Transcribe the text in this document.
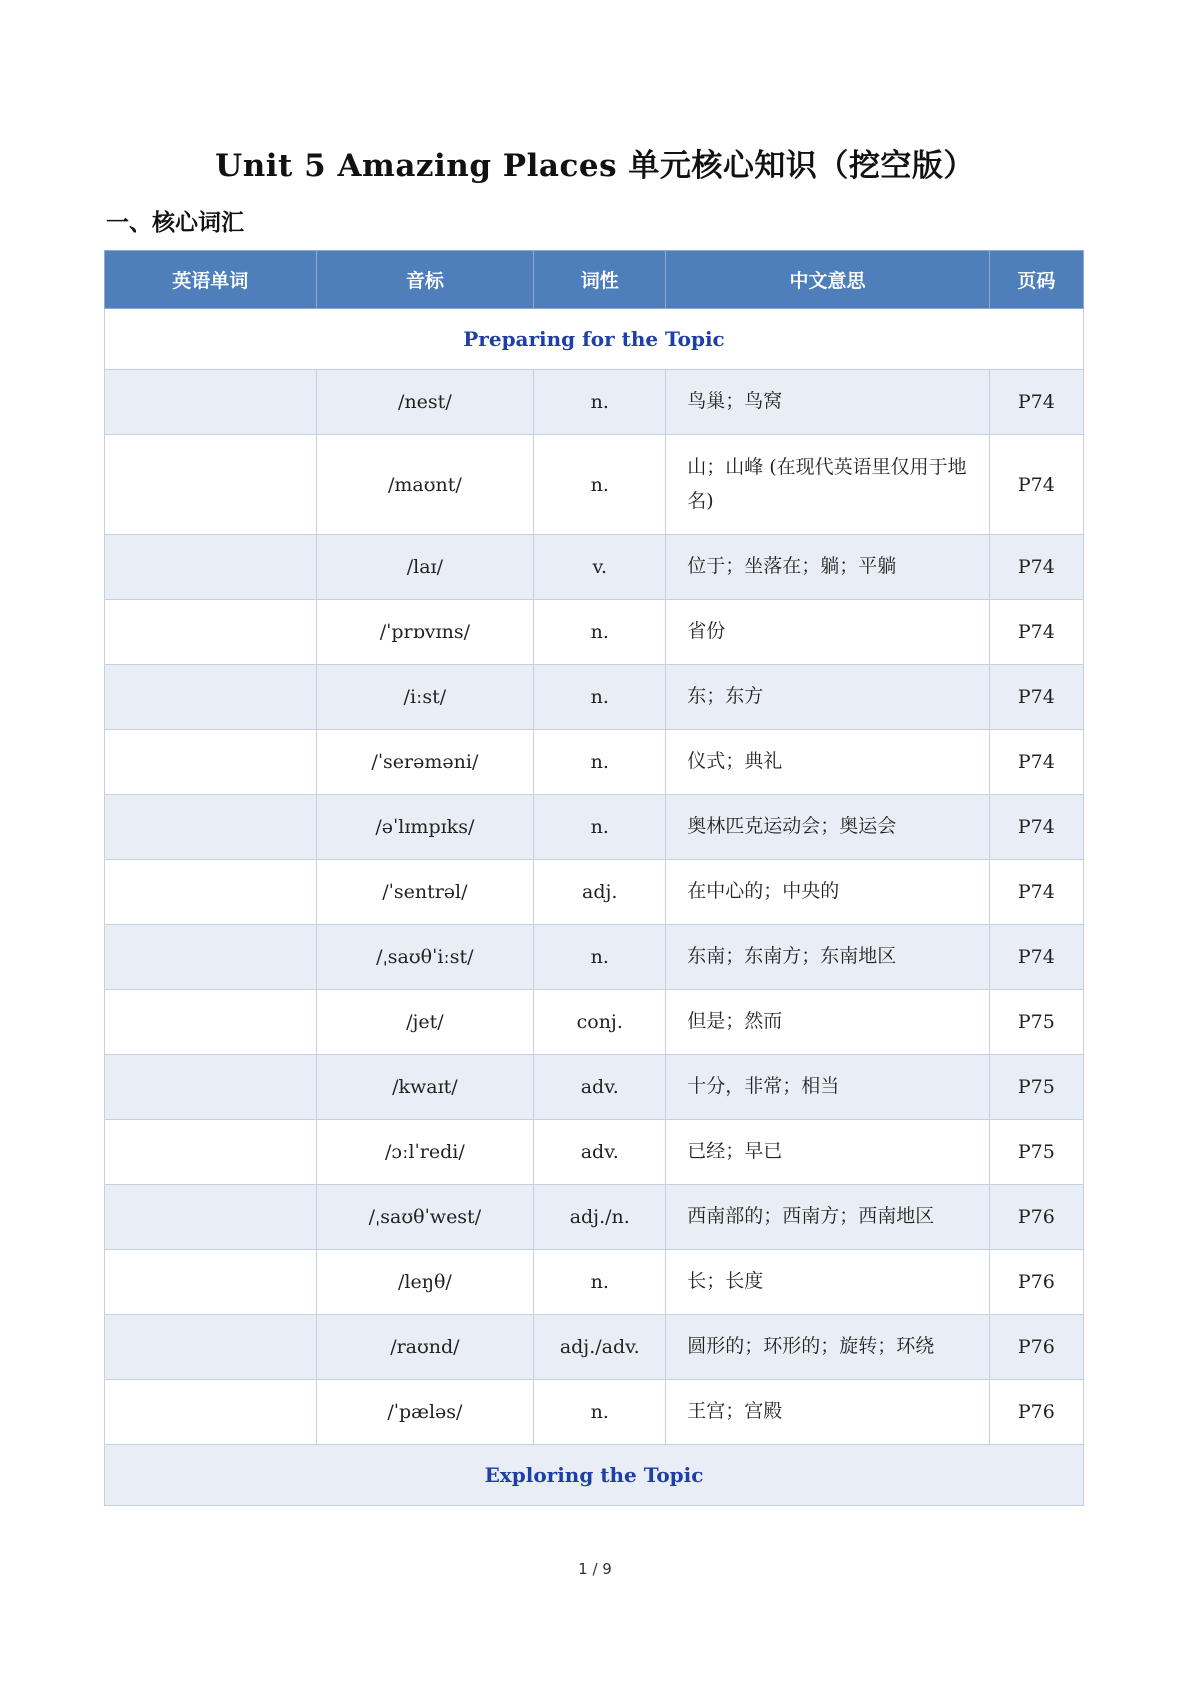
Unit 5 Amazing Places 单元核心知识（挖空版）
一、核心词汇
英语单词	音标	词性	中文意思	页码
Preparing for the Topic				
	/nest/	n.	鸟巢；鸟窝	P74
	/maʊnt/	n.	山；山峰 (在现代英语里仅用于地名)	P74
	/laɪ/	v.	位于；坐落在；躺；平躺	P74
	/ˈprɒvɪns/	n.	省份	P74
	/iːst/	n.	东；东方	P74
	/ˈserəməni/	n.	仪式；典礼	P74
	/əˈlɪmpɪks/	n.	奥林匹克运动会；奥运会	P74
	/ˈsentrəl/	adj.	在中心的；中央的	P74
	/ˌsaʊθˈiːst/	n.	东南；东南方；东南地区	P74
	/jet/	conj.	但是；然而	P75
	/kwaɪt/	adv.	十分，非常；相当	P75
	/ɔːlˈredi/	adv.	已经；早已	P75
	/ˌsaʊθˈwest/	adj./n.	西南部的；西南方；西南地区	P76
	/leŋθ/	n.	长；长度	P76
	/raʊnd/	adj./adv.	圆形的；环形的；旋转；环绕	P76
	/ˈpæləs/	n.	王宫；宫殿	P76
Exploring the Topic				
1 / 9
